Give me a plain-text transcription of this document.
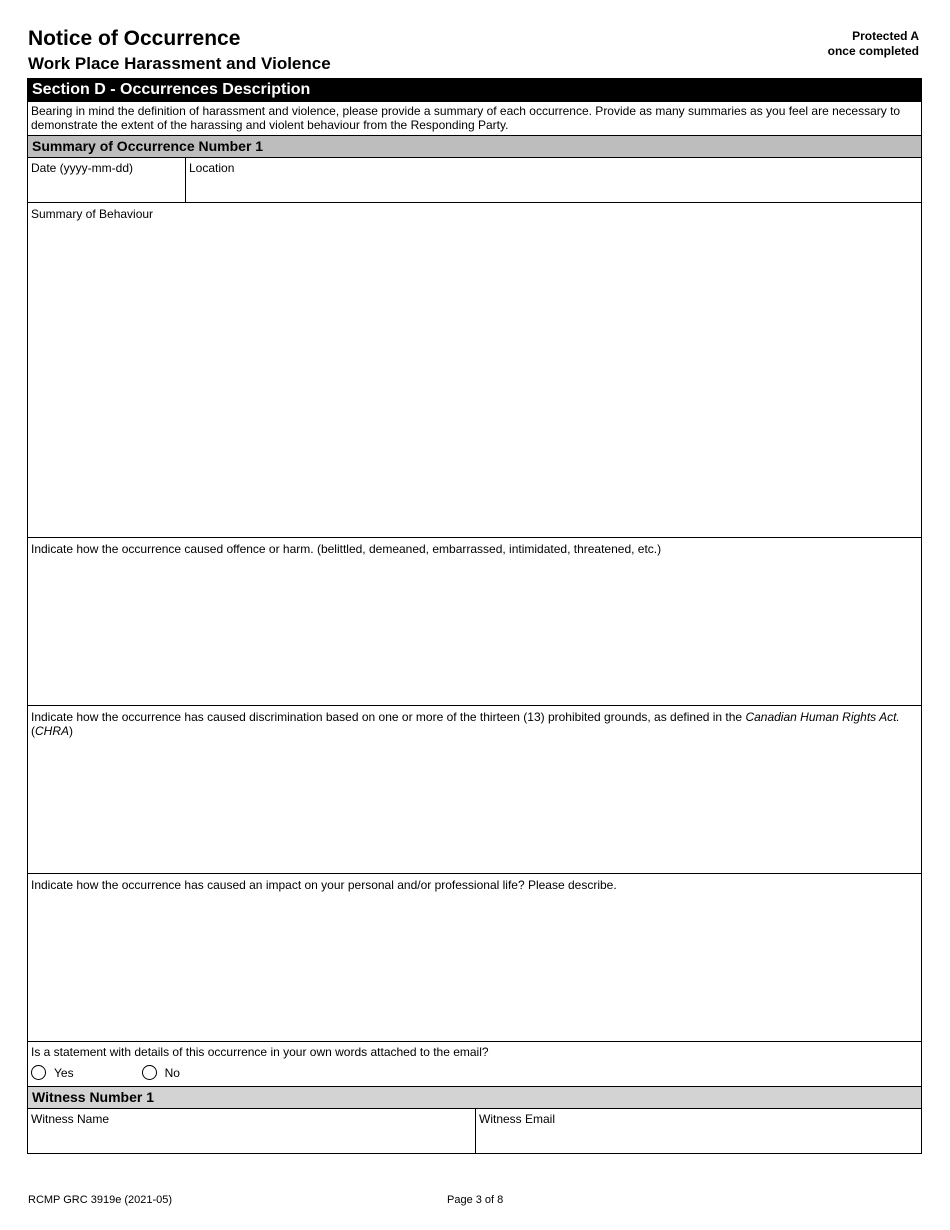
Notice of Occurrence
Work Place Harassment and Violence
Protected A
once completed
Section D - Occurrences Description
Bearing in mind the definition of harassment and violence, please provide a summary of each occurrence. Provide as many summaries as you feel are necessary to demonstrate the extent of the harassing and violent behaviour from the Responding Party.
Summary of Occurrence Number 1
Date (yyyy-mm-dd)	Location
Summary of Behaviour
Indicate how the occurrence caused offence or harm. (belittled, demeaned, embarrassed, intimidated, threatened, etc.)
Indicate how the occurrence has caused discrimination based on one or more of the thirteen (13) prohibited grounds, as defined in the Canadian Human Rights Act. (CHRA)
Indicate how the occurrence has caused an impact on your personal and/or professional life? Please describe.
Is a statement with details of this occurrence in your own words attached to the email?
Yes	No
Witness Number 1
Witness Name	Witness Email
RCMP GRC 3919e (2021-05)	Page 3 of 8
